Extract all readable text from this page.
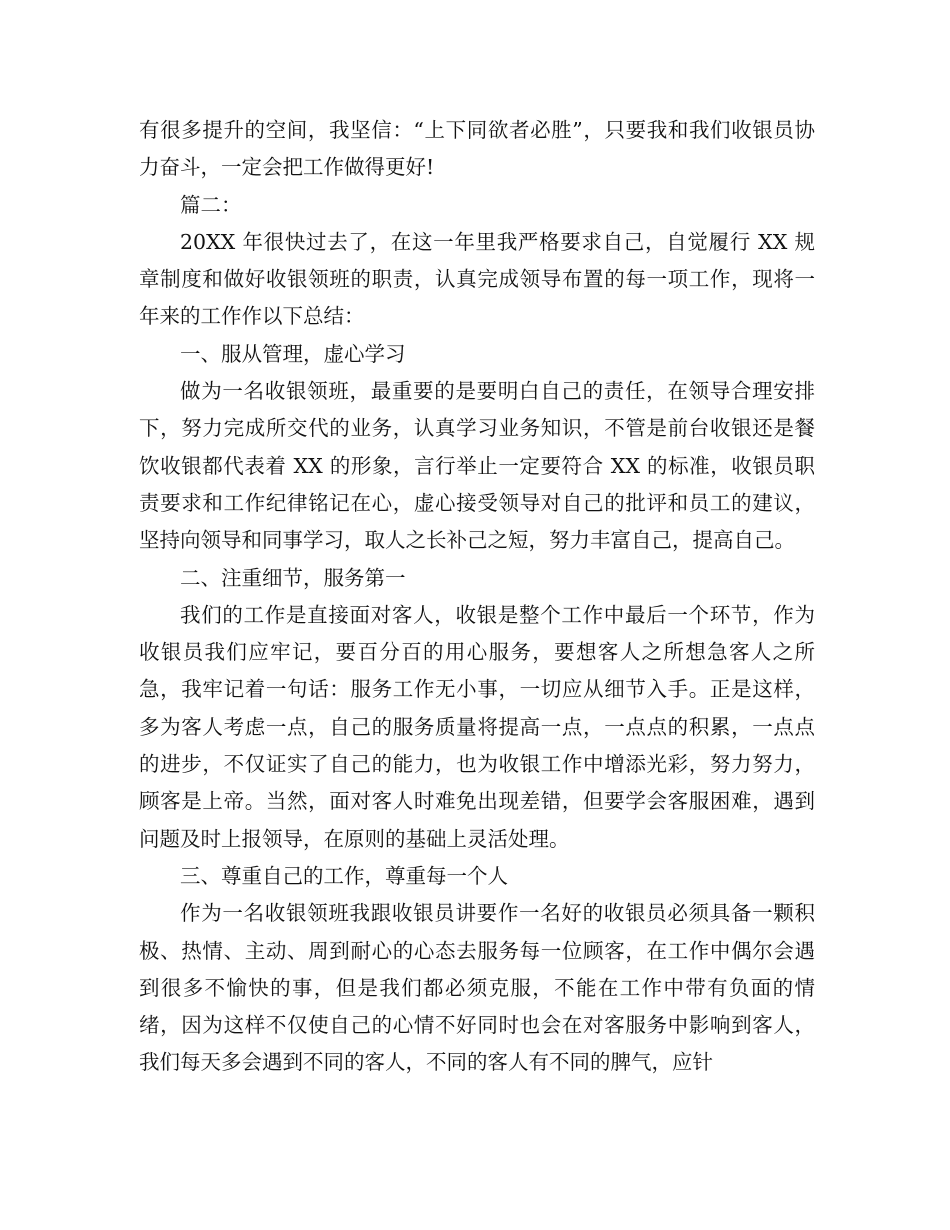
有很多提升的空间，我坚信：“上下同欲者必胜”，只要我和我们收银员协力奋斗，一定会把工作做得更好!

篇二：

20XX 年很快过去了，在这一年里我严格要求自己，自觉履行 XX 规章制度和做好收银领班的职责，认真完成领导布置的每一项工作，现将一年来的工作作以下总结：

一、服从管理，虚心学习

做为一名收银领班，最重要的是要明白自己的责任，在领导合理安排下，努力完成所交代的业务，认真学习业务知识，不管是前台收银还是餐饮收银都代表着 XX 的形象，言行举止一定要符合 XX 的标准，收银员职责要求和工作纪律铭记在心，虚心接受领导对自己的批评和员工的建议，坚持向领导和同事学习，取人之长补己之短，努力丰富自己，提高自己。

二、注重细节，服务第一

我们的工作是直接面对客人，收银是整个工作中最后一个环节，作为收银员我们应牢记，要百分百的用心服务，要想客人之所想急客人之所急，我牢记着一句话：服务工作无小事，一切应从细节入手。正是这样，多为客人考虑一点，自己的服务质量将提高一点，一点点的积累，一点点的进步，不仅证实了自己的能力，也为收银工作中增添光彩，努力努力，顾客是上帝。当然，面对客人时难免出现差错，但要学会客服困难，遇到问题及时上报领导，在原则的基础上灵活处理。

三、尊重自己的工作，尊重每一个人

作为一名收银领班我跟收银员讲要作一名好的收银员必须具备一颗积极、热情、主动、周到耐心的心态去服务每一位顾客，在工作中偶尔会遇到很多不愉快的事，但是我们都必须克服，不能在工作中带有负面的情绪，因为这样不仅使自己的心情不好同时也会在对客服务中影响到客人，我们每天多会遇到不同的客人，不同的客人有不同的脾气，应针
